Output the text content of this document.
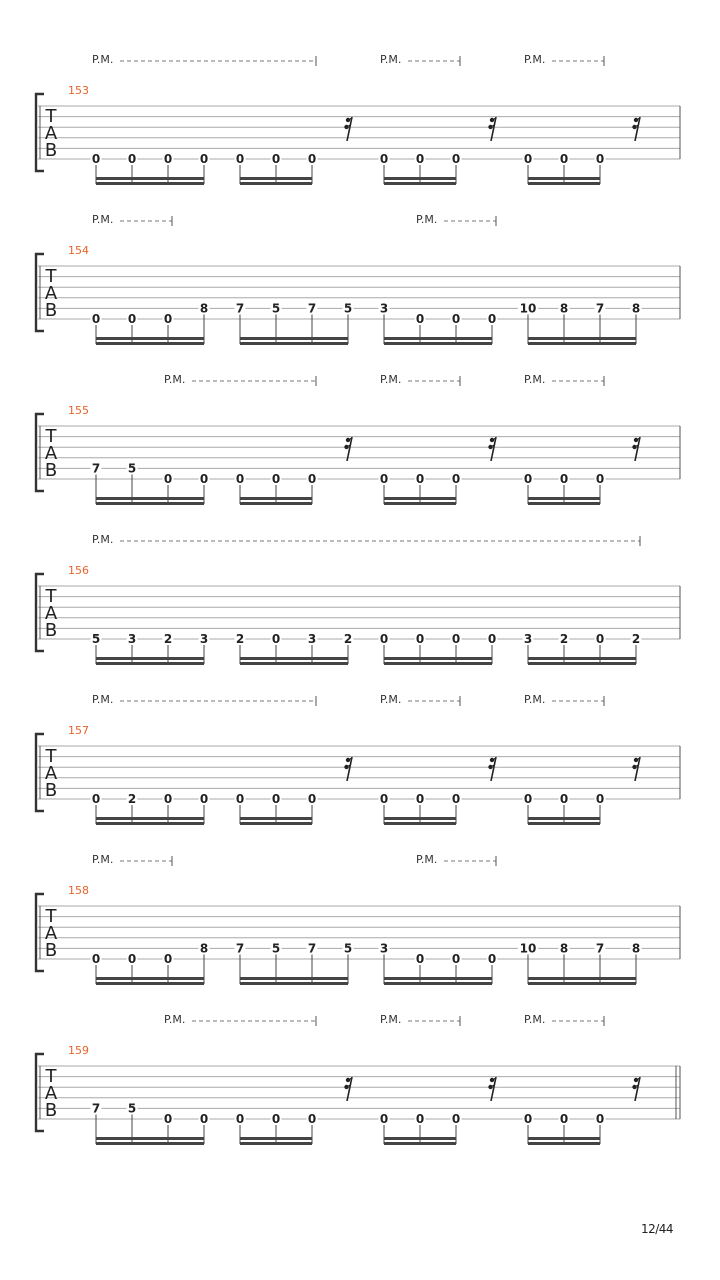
P.M.	P.M.	P.M.
T
A
B
153
0 0 0 0 0 0 0	0 0 0	0 0 0
P.M.	P.M.
T
A
B
154
0 0 0
8 7 5 7 5 3
0 0 0
10 8 7 8
P.M.	P.M.	P.M.
T
A
B
155
7 5
0 0 0 0 0	0 0 0	0 0 0
P.M.
T
A
B
156
5 3 2 3 2 0 3 2 0 0 0 0 3 2 0 2
P.M.	P.M.	P.M.
T
A
B
157
0 2 0 0 0 0 0	0 0 0	0 0 0
P.M.	P.M.
T
A
B
158
0 0 0
8 7 5 7 5 3
0 0 0
10 8 7 8
P.M.	P.M.	P.M.
T
A
B
159
7 5
0 0 0 0 0	0 0 0	0 0 0
12/44
